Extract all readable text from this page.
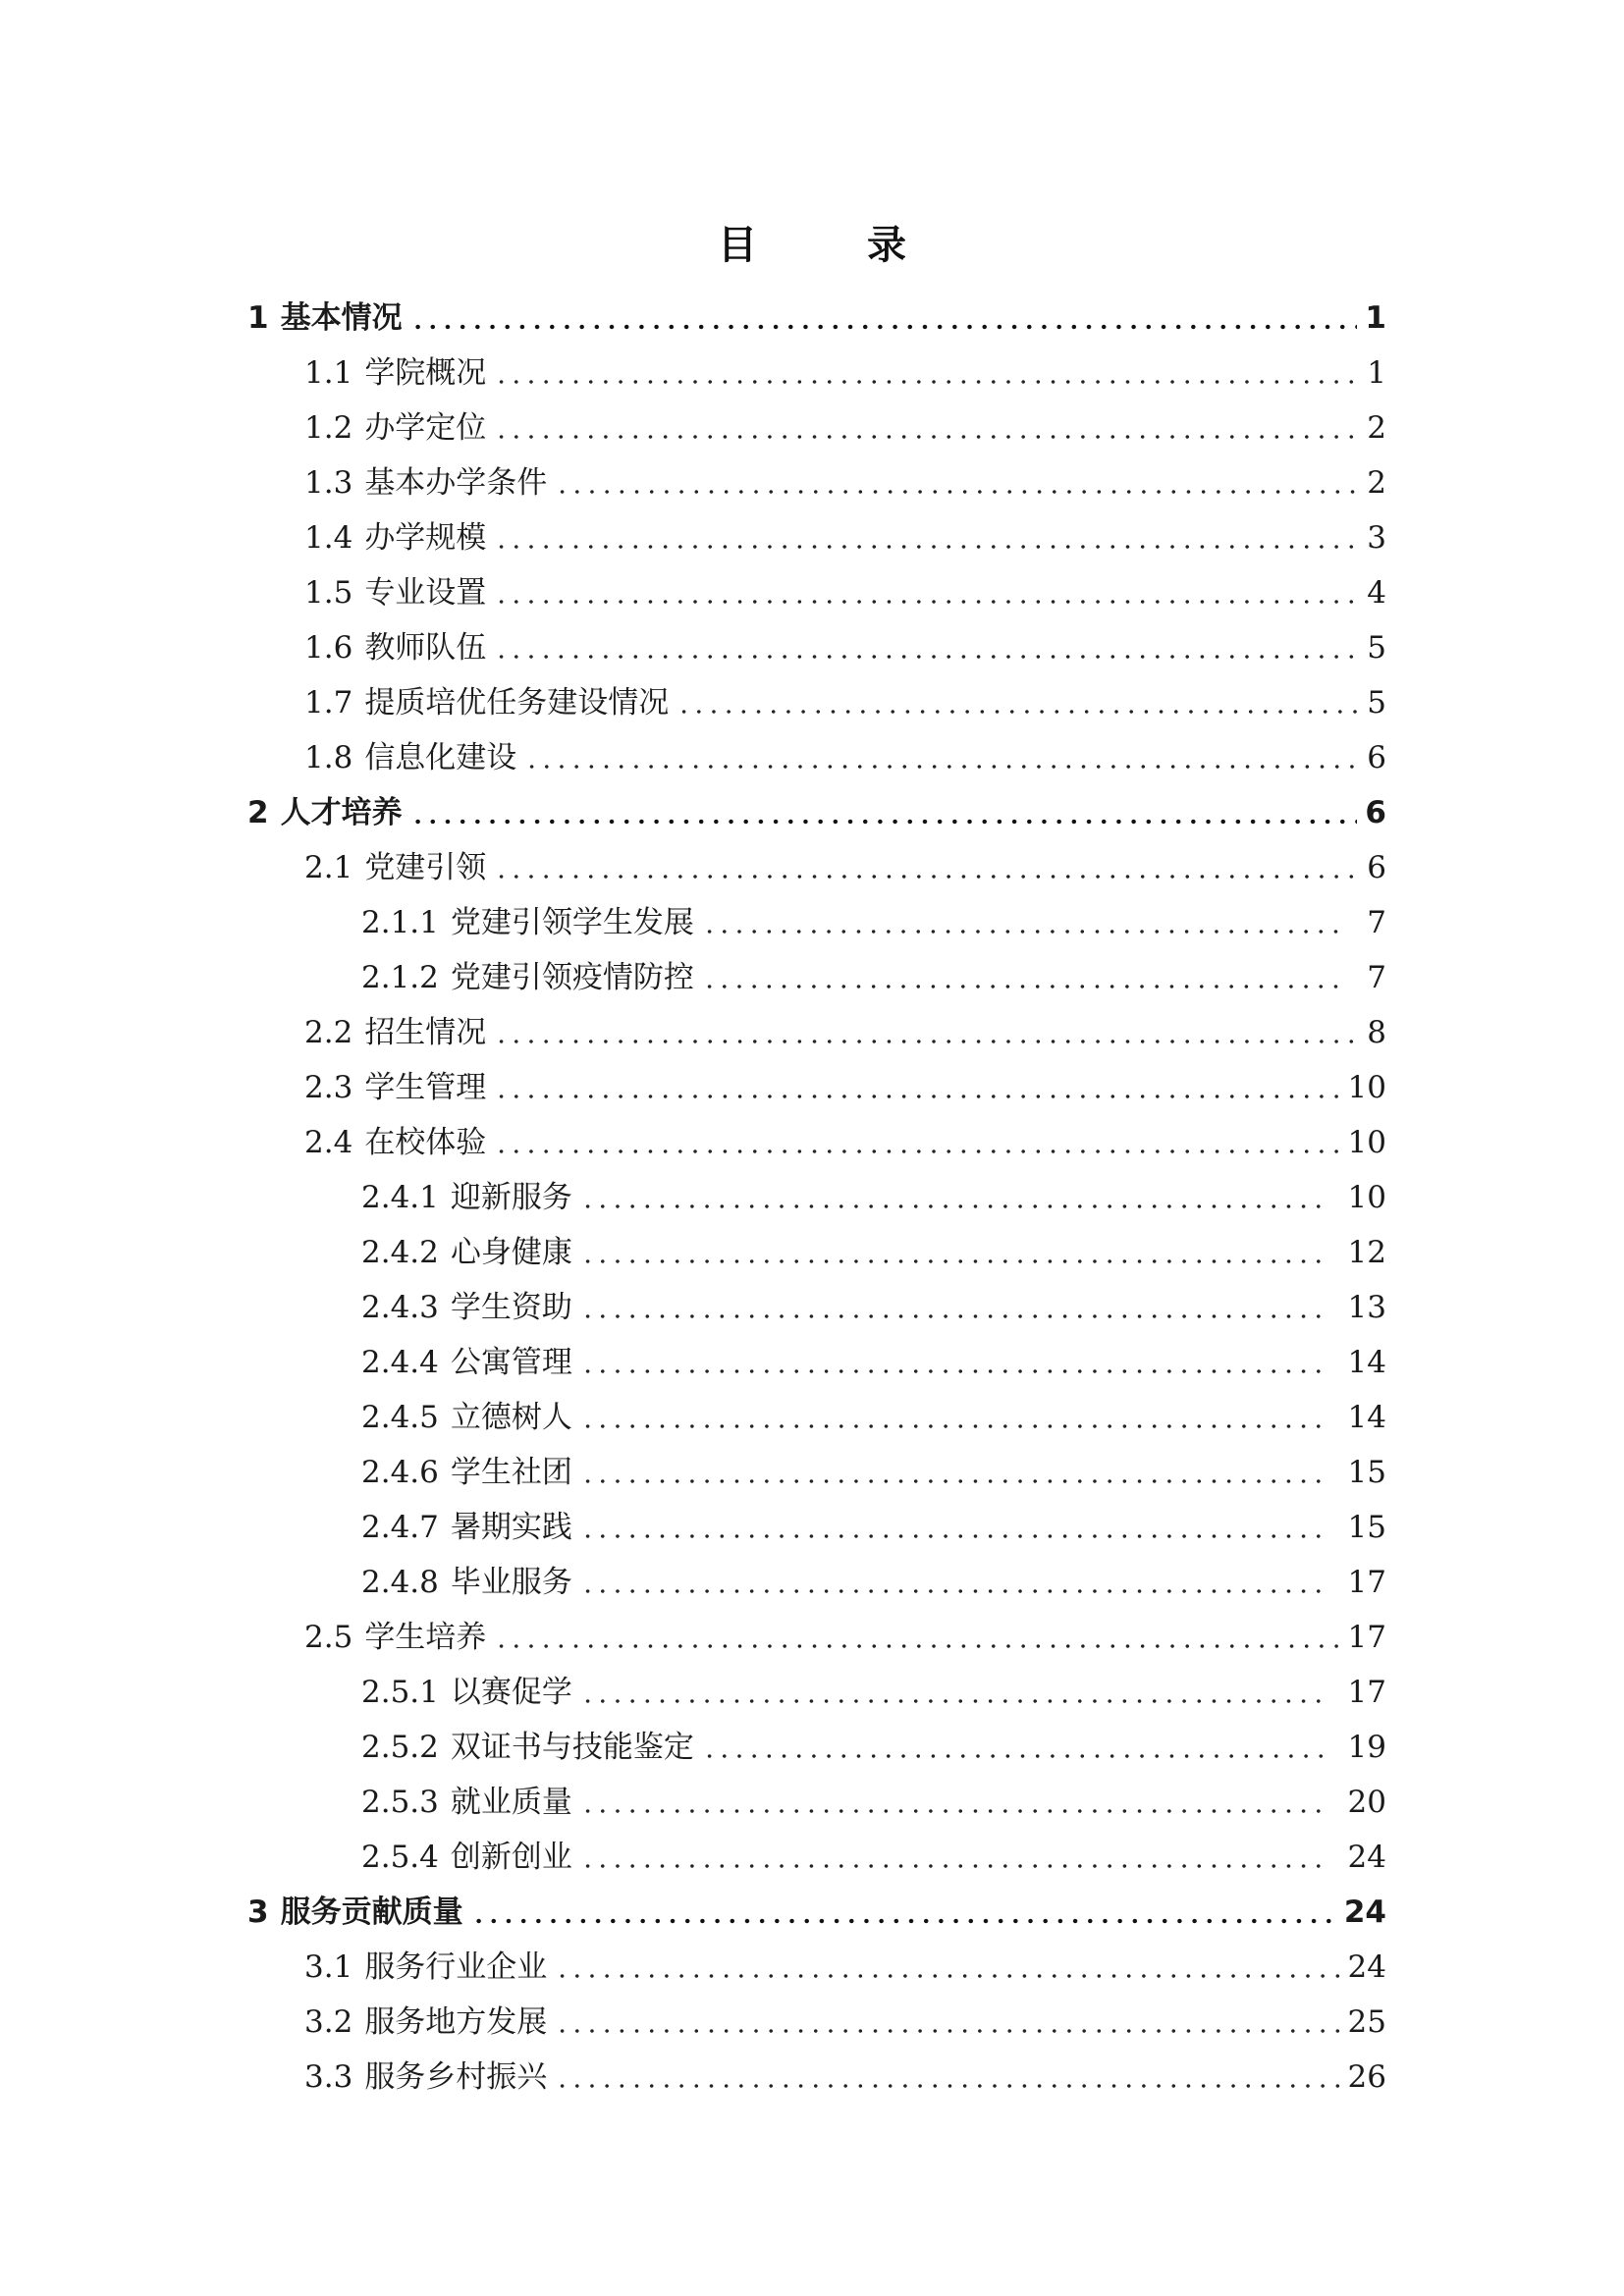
目　录
1 基本情况	1
1.1 学院概况	1
1.2 办学定位	2
1.3 基本办学条件	2
1.4 办学规模	3
1.5 专业设置	4
1.6 教师队伍	5
1.7 提质培优任务建设情况	5
1.8 信息化建设	6
2 人才培养	6
2.1 党建引领	6
2.1.1 党建引领学生发展	7
2.1.2 党建引领疫情防控	7
2.2 招生情况	8
2.3 学生管理	10
2.4 在校体验	10
2.4.1 迎新服务	10
2.4.2 心身健康	12
2.4.3 学生资助	13
2.4.4 公寓管理	14
2.4.5 立德树人	14
2.4.6 学生社团	15
2.4.7 暑期实践	15
2.4.8 毕业服务	17
2.5 学生培养	17
2.5.1 以赛促学	17
2.5.2 双证书与技能鉴定	19
2.5.3 就业质量	20
2.5.4 创新创业	24
3 服务贡献质量	24
3.1 服务行业企业	24
3.2 服务地方发展	25
3.3 服务乡村振兴	26
